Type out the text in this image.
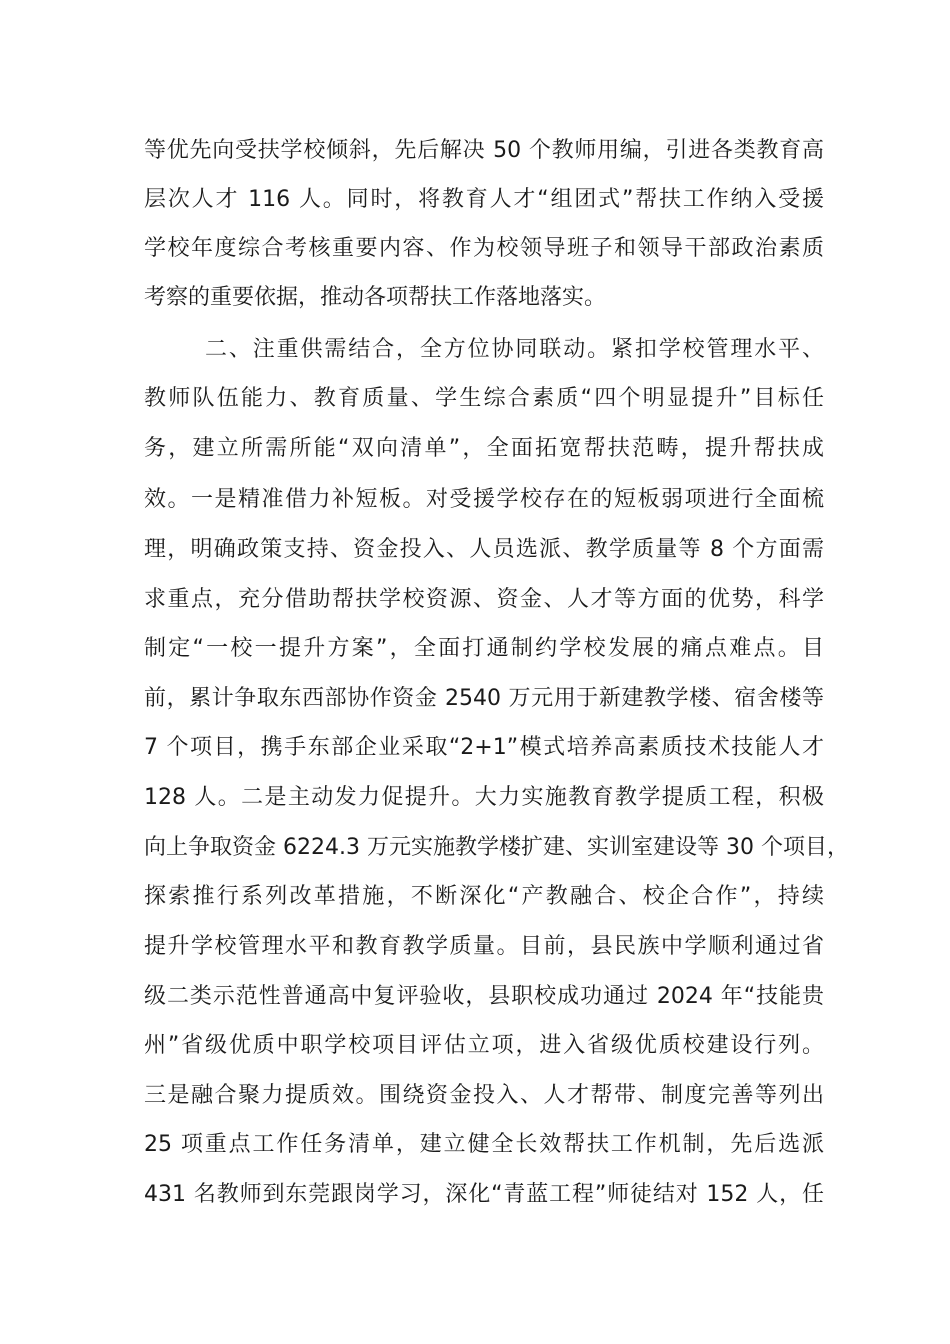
等优先向受扶学校倾斜，先后解决 50 个教师用编，引进各类教育高
层次人才 116 人。同时，将教育人才“组团式”帮扶工作纳入受援
学校年度综合考核重要内容、作为校领导班子和领导干部政治素质
考察的重要依据，推动各项帮扶工作落地落实。
二、注重供需结合，全方位协同联动。紧扣学校管理水平、
教师队伍能力、教育质量、学生综合素质“四个明显提升”目标任
务，建立所需所能“双向清单”，全面拓宽帮扶范畴，提升帮扶成
效。一是精准借力补短板。对受援学校存在的短板弱项进行全面梳
理，明确政策支持、资金投入、人员选派、教学质量等 8 个方面需
求重点，充分借助帮扶学校资源、资金、人才等方面的优势，科学
制定“一校一提升方案”，全面打通制约学校发展的痛点难点。目
前，累计争取东西部协作资金 2540 万元用于新建教学楼、宿舍楼等
7 个项目，携手东部企业采取“2+1”模式培养高素质技术技能人才
128 人。二是主动发力促提升。大力实施教育教学提质工程，积极
向上争取资金 6224.3 万元实施教学楼扩建、实训室建设等 30 个项目，
探索推行系列改革措施，不断深化“产教融合、校企合作”，持续
提升学校管理水平和教育教学质量。目前，县民族中学顺利通过省
级二类示范性普通高中复评验收，县职校成功通过 2024 年“技能贵
州”省级优质中职学校项目评估立项，进入省级优质校建设行列。
三是融合聚力提质效。围绕资金投入、人才帮带、制度完善等列出
25 项重点工作任务清单，建立健全长效帮扶工作机制，先后选派
431 名教师到东莞跟岗学习，深化“青蓝工程”师徒结对 152 人，任
